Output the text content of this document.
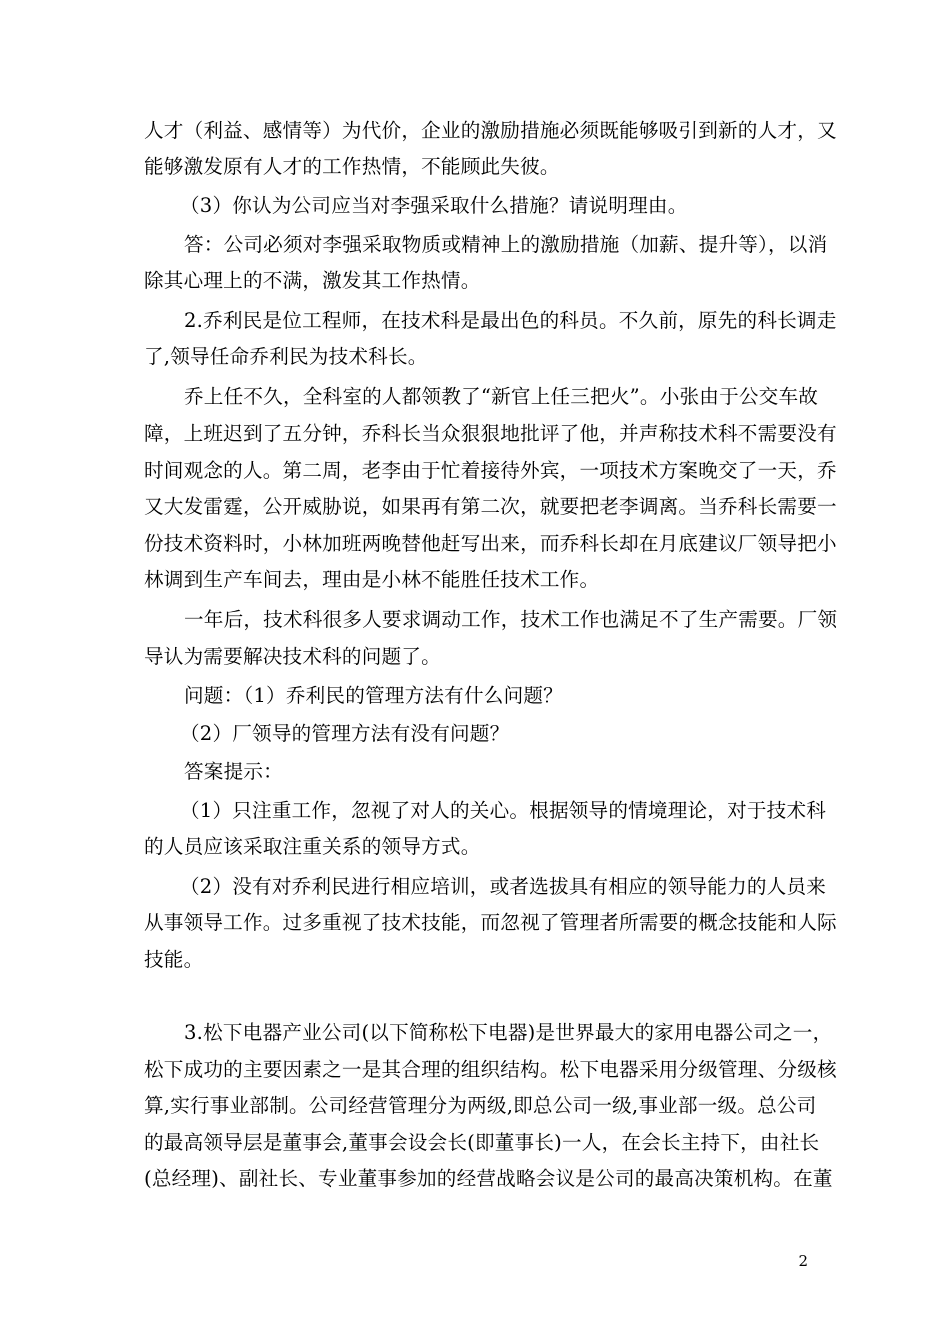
人才（利益、感情等）为代价，企业的激励措施必须既能够吸引到新的人才，又
能够激发原有人才的工作热情，不能顾此失彼。
（3）你认为公司应当对李强采取什么措施？请说明理由。
答：公司必须对李强采取物质或精神上的激励措施（加薪、提升等），以消
除其心理上的不满，激发其工作热情。
2.乔利民是位工程师，在技术科是最出色的科员。不久前，原先的科长调走
了,领导任命乔利民为技术科长。
乔上任不久，全科室的人都领教了“新官上任三把火”。小张由于公交车故
障，上班迟到了五分钟，乔科长当众狠狠地批评了他，并声称技术科不需要没有
时间观念的人。第二周，老李由于忙着接待外宾，一项技术方案晚交了一天，乔
又大发雷霆，公开威胁说，如果再有第二次，就要把老李调离。当乔科长需要一
份技术资料时，小林加班两晚替他赶写出来，而乔科长却在月底建议厂领导把小
林调到生产车间去，理由是小林不能胜任技术工作。
一年后，技术科很多人要求调动工作，技术工作也满足不了生产需要。厂领
导认为需要解决技术科的问题了。
问题：（1）乔利民的管理方法有什么问题？
（2）厂领导的管理方法有没有问题？
答案提示：
（1）只注重工作，忽视了对人的关心。根据领导的情境理论，对于技术科
的人员应该采取注重关系的领导方式。
（2）没有对乔利民进行相应培训，或者选拔具有相应的领导能力的人员来
从事领导工作。过多重视了技术技能，而忽视了管理者所需要的概念技能和人际
技能。
3.松下电器产业公司(以下简称松下电器)是世界最大的家用电器公司之一，
松下成功的主要因素之一是其合理的组织结构。松下电器采用分级管理、分级核
算,实行事业部制。公司经营管理分为两级,即总公司一级,事业部一级。总公司
的最高领导层是董事会,董事会设会长(即董事长)一人，在会长主持下，由社长
(总经理)、副社长、专业董事参加的经营战略会议是公司的最高决策机构。在董
2
